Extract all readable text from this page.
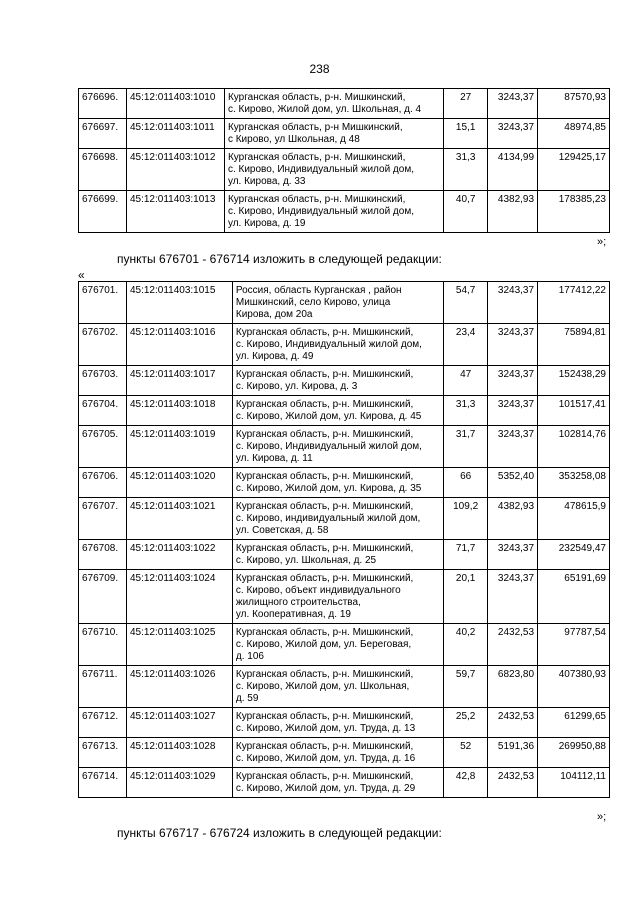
238
676696.	45:12:011403:1010	Курганская область, р-н. Мишкинский,
с. Кирово, Жилой дом, ул. Школьная, д. 4	27	3243,37	87570,93
676697.	45:12:011403:1011	Курганская область, р-н Мишкинский,
с Кирово, ул Школьная, д 48	15,1	3243,37	48974,85
676698.	45:12:011403:1012	Курганская область, р-н. Мишкинский,
с. Кирово, Индивидуальный жилой дом,
ул. Кирова, д. 33	31,3	4134,99	129425,17
676699.	45:12:011403:1013	Курганская область, р-н. Мишкинский,
с. Кирово, Индивидуальный жилой дом,
ул. Кирова, д. 19	40,7	4382,93	178385,23
»;
пункты 676701 - 676714 изложить в следующей редакции:
«
676701.	45:12:011403:1015	Россия, область Курганская , район
Мишкинский, село Кирово, улица
Кирова, дом 20а	54,7	3243,37	177412,22
676702.	45:12:011403:1016	Курганская область, р-н. Мишкинский,
с. Кирово, Индивидуальный жилой дом,
ул. Кирова, д. 49	23,4	3243,37	75894,81
676703.	45:12:011403:1017	Курганская область, р-н. Мишкинский,
с. Кирово, ул. Кирова, д. 3	47	3243,37	152438,29
676704.	45:12:011403:1018	Курганская область, р-н. Мишкинский,
с. Кирово, Жилой дом, ул. Кирова, д. 45	31,3	3243,37	101517,41
676705.	45:12:011403:1019	Курганская область, р-н. Мишкинский,
с. Кирово, Индивидуальный жилой дом,
ул. Кирова, д. 11	31,7	3243,37	102814,76
676706.	45:12:011403:1020	Курганская область, р-н. Мишкинский,
с. Кирово, Жилой дом, ул. Кирова, д. 35	66	5352,40	353258,08
676707.	45:12:011403:1021	Курганская область, р-н. Мишкинский,
с. Кирово, индивидуальный жилой дом,
ул. Советская, д. 58	109,2	4382,93	478615,9
676708.	45:12:011403:1022	Курганская область, р-н. Мишкинский,
с. Кирово, ул. Школьная, д. 25	71,7	3243,37	232549,47
676709.	45:12:011403:1024	Курганская область, р-н. Мишкинский,
с. Кирово, объект индивидуального
жилищного строительства,
ул. Кооперативная, д. 19	20,1	3243,37	65191,69
676710.	45:12:011403:1025	Курганская область, р-н. Мишкинский,
с. Кирово, Жилой дом, ул. Береговая,
д. 106	40,2	2432,53	97787,54
676711.	45:12:011403:1026	Курганская область, р-н. Мишкинский,
с. Кирово, Жилой дом, ул. Школьная,
д. 59	59,7	6823,80	407380,93
676712.	45:12:011403:1027	Курганская область, р-н. Мишкинский,
с. Кирово, Жилой дом, ул. Труда, д. 13	25,2	2432,53	61299,65
676713.	45:12:011403:1028	Курганская область, р-н. Мишкинский,
с. Кирово, Жилой дом, ул. Труда, д. 16	52	5191,36	269950,88
676714.	45:12:011403:1029	Курганская область, р-н. Мишкинский,
с. Кирово, Жилой дом, ул. Труда, д. 29	42,8	2432,53	104112,11
»;
пункты 676717 - 676724 изложить в следующей редакции:
